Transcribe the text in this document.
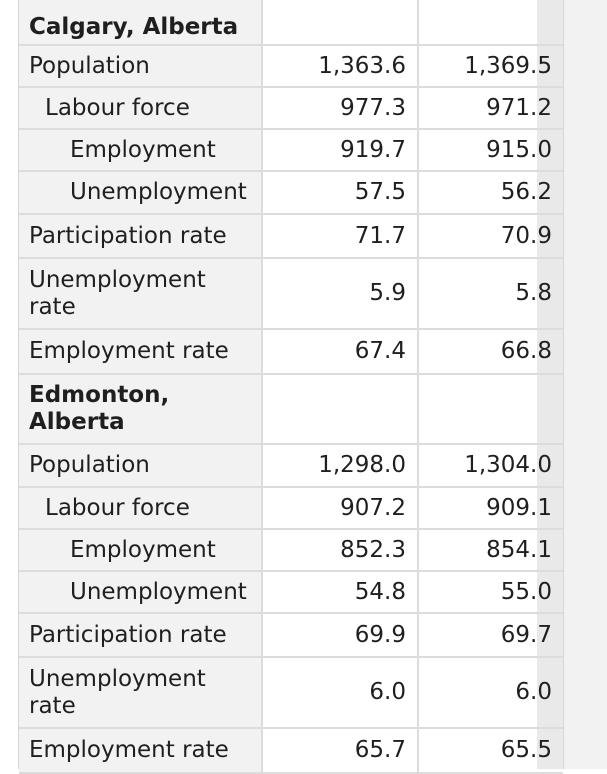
Calgary, Alberta		
Population	1,363.6	1,369.5
Labour force	977.3	971.2
Employment	919.7	915.0
Unemployment	57.5	56.2
Participation rate	71.7	70.9
Unemployment rate	5.9	5.8
Employment rate	67.4	66.8
Edmonton, Alberta		
Population	1,298.0	1,304.0
Labour force	907.2	909.1
Employment	852.3	854.1
Unemployment	54.8	55.0
Participation rate	69.9	69.7
Unemployment rate	6.0	6.0
Employment rate	65.7	65.5
